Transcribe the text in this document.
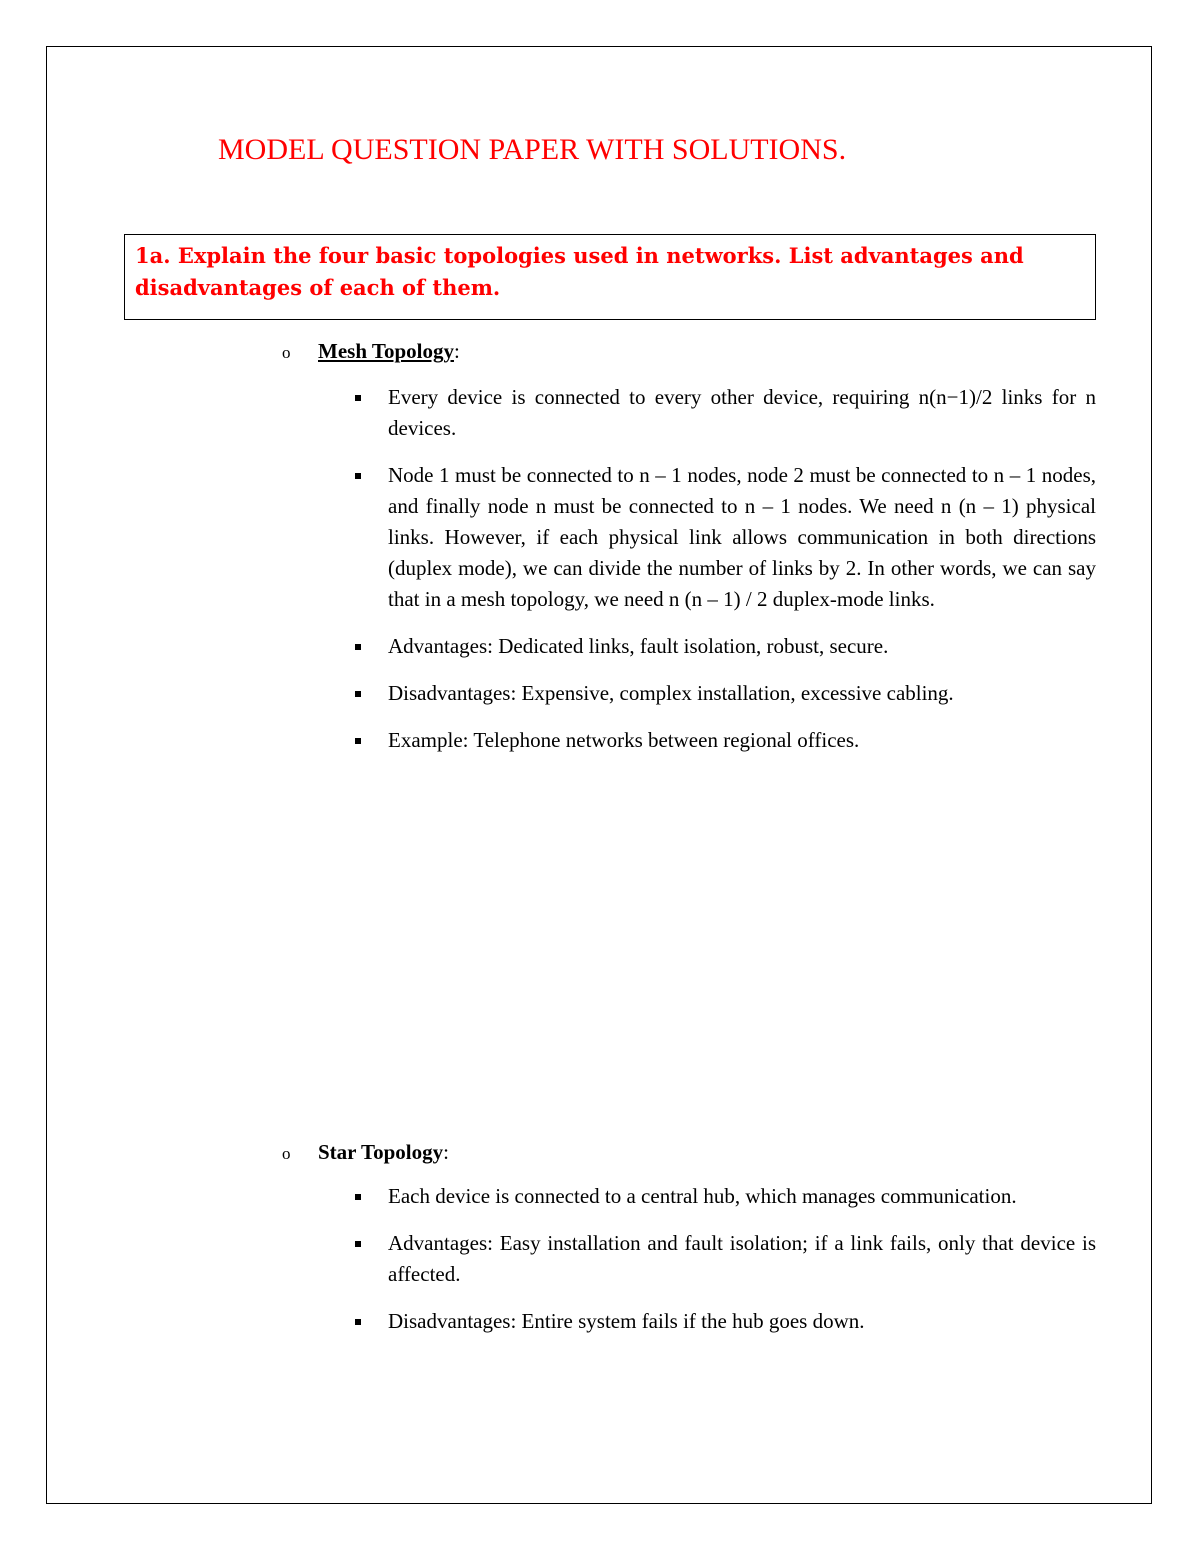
MODEL QUESTION PAPER WITH SOLUTIONS.

1a. Explain the four basic topologies used in networks. List advantages and disadvantages of each of them.

o Mesh Topology:
Every device is connected to every other device, requiring n(n−1)/2 links for n devices.
Node 1 must be connected to n – 1 nodes, node 2 must be connected to n – 1 nodes, and finally node n must be connected to n – 1 nodes. We need n (n – 1) physical links. However, if each physical link allows communication in both directions (duplex mode), we can divide the number of links by 2. In other words, we can say that in a mesh topology, we need n (n – 1) / 2 duplex-mode links.
Advantages: Dedicated links, fault isolation, robust, secure.
Disadvantages: Expensive, complex installation, excessive cabling.
Example: Telephone networks between regional offices.
o Star Topology:
Each device is connected to a central hub, which manages communication.
Advantages: Easy installation and fault isolation; if a link fails, only that device is affected.
Disadvantages: Entire system fails if the hub goes down.
